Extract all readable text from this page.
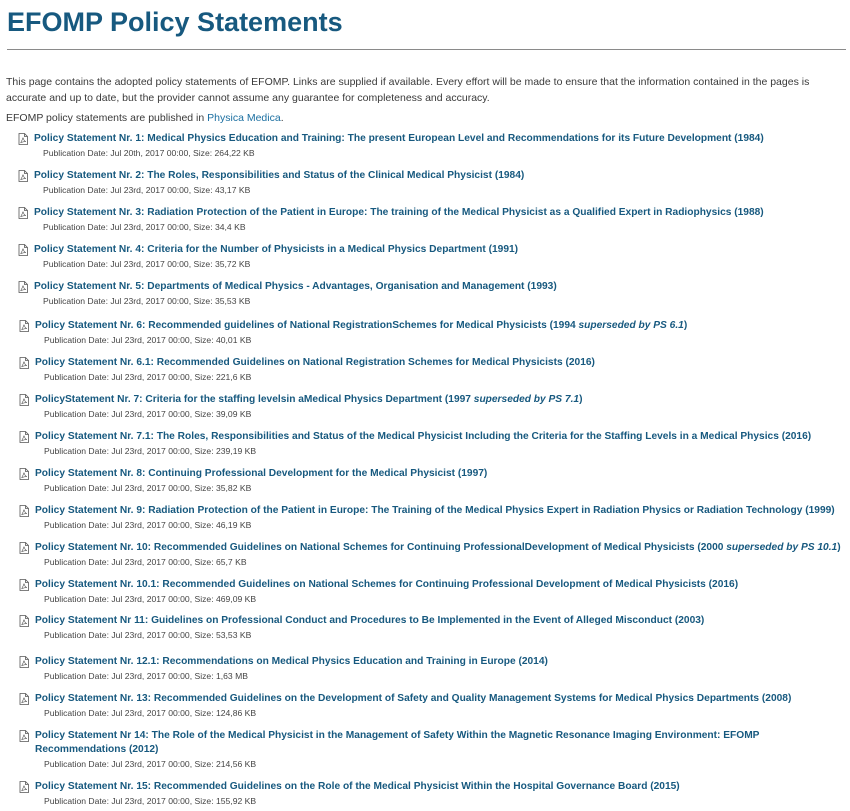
EFOMP Policy Statements

This page contains the adopted policy statements of EFOMP. Links are supplied if available. Every effort will be made to ensure that the information contained in the pages is accurate and up to date, but the provider cannot assume any guarantee for completeness and accuracy.

EFOMP policy statements are published in Physica Medica.

Policy Statement Nr. 1: Medical Physics Education and Training: The present European Level and Recommendations for its Future Development (1984)
Publication Date: Jul 20th, 2017 00:00, Size: 264,22 KB
Policy Statement Nr. 2: The Roles, Responsibilities and Status of the Clinical Medical Physicist (1984)
Publication Date: Jul 23rd, 2017 00:00, Size: 43,17 KB
Policy Statement Nr. 3: Radiation Protection of the Patient in Europe: The training of the Medical Physicist as a Qualified Expert in Radiophysics (1988)
Publication Date: Jul 23rd, 2017 00:00, Size: 34,4 KB
Policy Statement Nr. 4: Criteria for the Number of Physicists in a Medical Physics Department (1991)
Publication Date: Jul 23rd, 2017 00:00, Size: 35,72 KB
Policy Statement Nr. 5: Departments of Medical Physics - Advantages, Organisation and Management (1993)
Publication Date: Jul 23rd, 2017 00:00, Size: 35,53 KB
Policy Statement Nr. 6: Recommended guidelines of National RegistrationSchemes for Medical Physicists (1994 superseded by PS 6.1)
Publication Date: Jul 23rd, 2017 00:00, Size: 40,01 KB
Policy Statement Nr. 6.1: Recommended Guidelines on National Registration Schemes for Medical Physicists (2016)
Publication Date: Jul 23rd, 2017 00:00, Size: 221,6 KB
PolicyStatement Nr. 7: Criteria for the staffing levelsin aMedical Physics Department (1997 superseded by PS 7.1)
Publication Date: Jul 23rd, 2017 00:00, Size: 39,09 KB
Policy Statement Nr. 7.1: The Roles, Responsibilities and Status of the Medical Physicist Including the Criteria for the Staffing Levels in a Medical Physics (2016)
Publication Date: Jul 23rd, 2017 00:00, Size: 239,19 KB
Policy Statement Nr. 8: Continuing Professional Development for the Medical Physicist (1997)
Publication Date: Jul 23rd, 2017 00:00, Size: 35,82 KB
Policy Statement Nr. 9: Radiation Protection of the Patient in Europe: The Training of the Medical Physics Expert in Radiation Physics or Radiation Technology (1999)
Publication Date: Jul 23rd, 2017 00:00, Size: 46,19 KB
Policy Statement Nr. 10: Recommended Guidelines on National Schemes for Continuing ProfessionalDevelopment of Medical Physicists (2000 superseded by PS 10.1)
Publication Date: Jul 23rd, 2017 00:00, Size: 65,7 KB
Policy Statement Nr. 10.1: Recommended Guidelines on National Schemes for Continuing Professional Development of Medical Physicists (2016)
Publication Date: Jul 23rd, 2017 00:00, Size: 469,09 KB
Policy Statement Nr 11: Guidelines on Professional Conduct and Procedures to Be Implemented in the Event of Alleged Misconduct (2003)
Publication Date: Jul 23rd, 2017 00:00, Size: 53,53 KB
Policy Statement Nr. 12.1: Recommendations on Medical Physics Education and Training in Europe (2014)
Publication Date: Jul 23rd, 2017 00:00, Size: 1,63 MB
Policy Statement Nr. 13: Recommended Guidelines on the Development of Safety and Quality Management Systems for Medical Physics Departments (2008)
Publication Date: Jul 23rd, 2017 00:00, Size: 124,86 KB
Policy Statement Nr 14: The Role of the Medical Physicist in the Management of Safety Within the Magnetic Resonance Imaging Environment: EFOMP Recommendations (2012)
Publication Date: Jul 23rd, 2017 00:00, Size: 214,56 KB
Policy Statement Nr. 15: Recommended Guidelines on the Role of the Medical Physicist Within the Hospital Governance Board (2015)
Publication Date: Jul 23rd, 2017 00:00, Size: 155,92 KB
